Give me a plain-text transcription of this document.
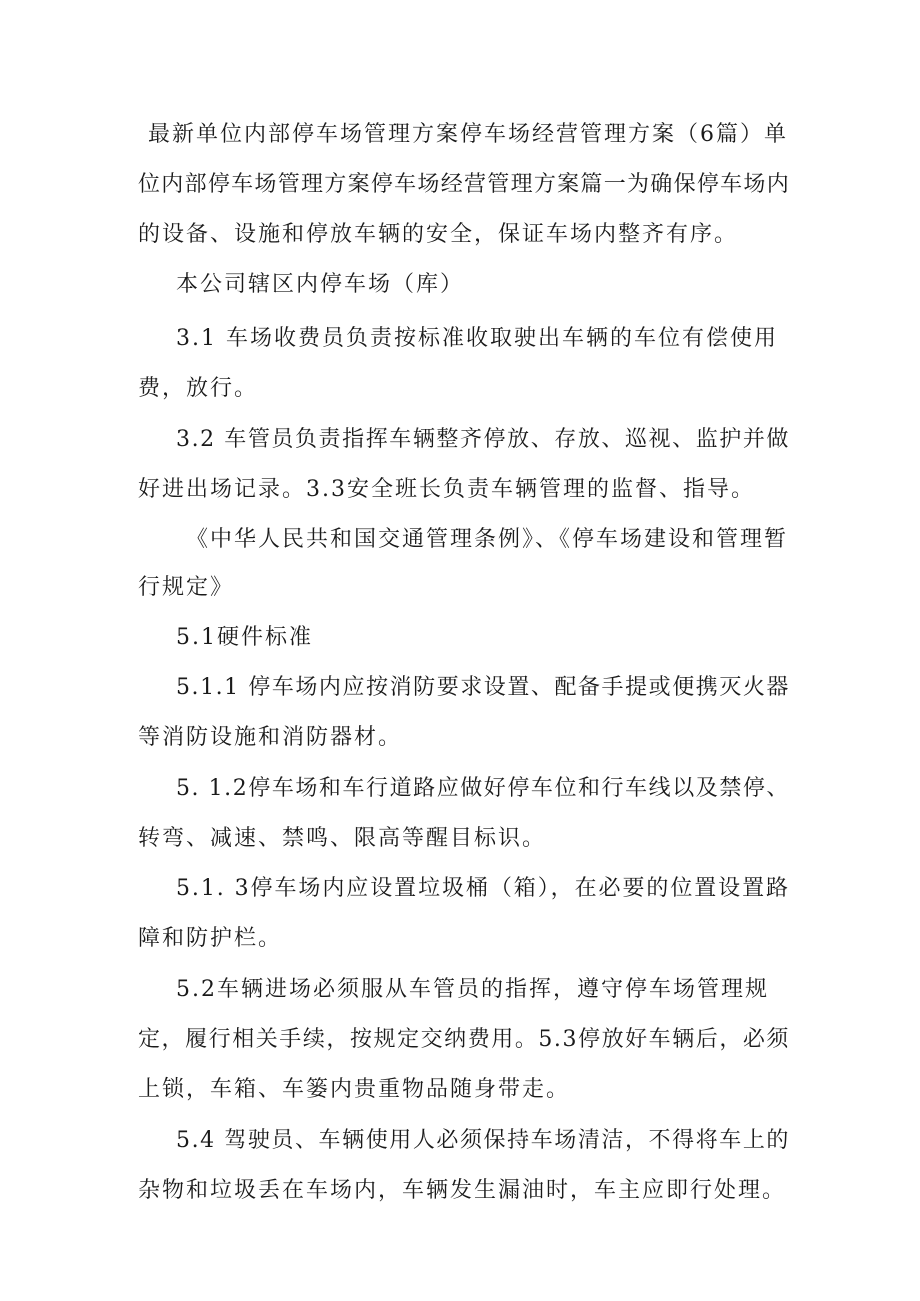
最新单位内部停车场管理方案停车场经营管理方案（6篇）单
位内部停车场管理方案停车场经营管理方案篇一为确保停车场内
的设备、设施和停放车辆的安全，保证车场内整齐有序。
本公司辖区内停车场（库）
3.1 车场收费员负责按标准收取驶出车辆的车位有偿使用
费，放行。
3.2 车管员负责指挥车辆整齐停放、存放、巡视、监护并做
好进出场记录。3.3安全班长负责车辆管理的监督、指导。
《中华人民共和国交通管理条例》、《停车场建设和管理暂
行规定》
5.1硬件标准
5.1.1 停车场内应按消防要求设置、配备手提或便携灭火器
等消防设施和消防器材。
5. 1.2停车场和车行道路应做好停车位和行车线以及禁停、
转弯、减速、禁鸣、限高等醒目标识。
5.1. 3停车场内应设置垃圾桶（箱），在必要的位置设置路
障和防护栏。
5.2车辆进场必须服从车管员的指挥，遵守停车场管理规
定，履行相关手续，按规定交纳费用。5.3停放好车辆后，必须
上锁，车箱、车篓内贵重物品随身带走。
5.4 驾驶员、车辆使用人必须保持车场清洁，不得将车上的
杂物和垃圾丢在车场内，车辆发生漏油时，车主应即行处理。
